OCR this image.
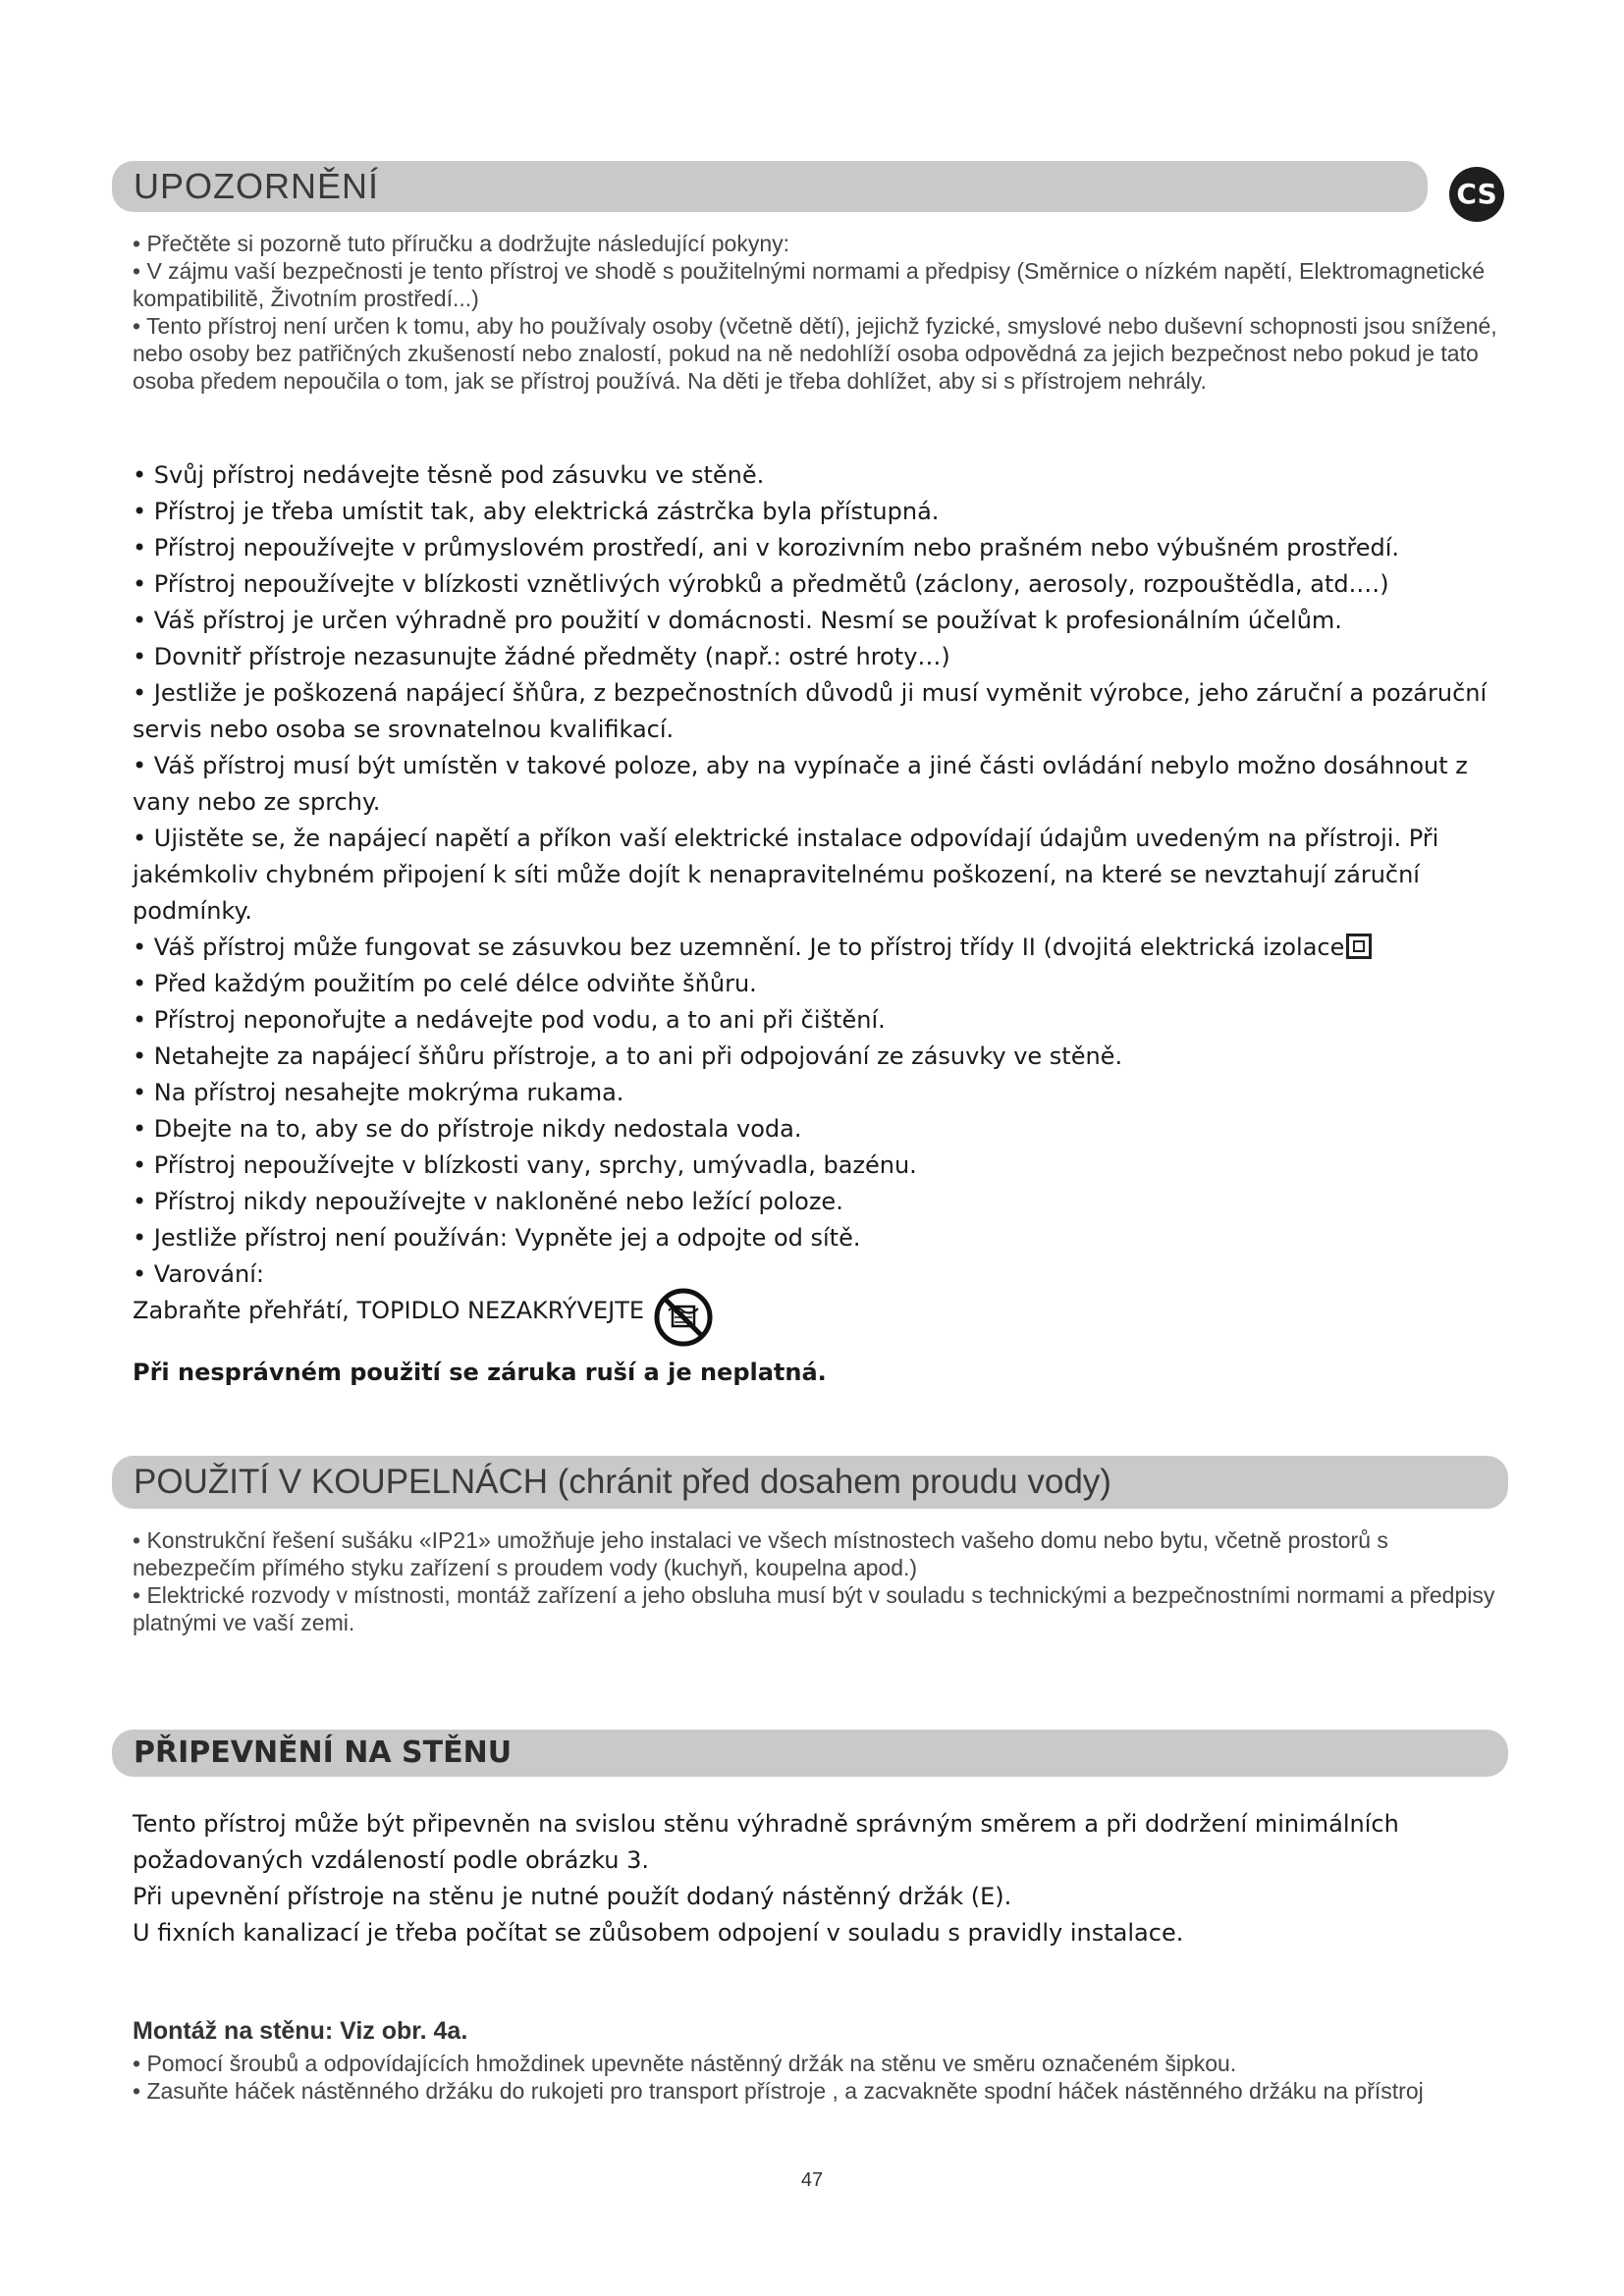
UPOZORNĚNÍ	CS

• Přečtěte si pozorně tuto příručku a dodržujte následující pokyny:

• V zájmu vaší bezpečnosti je tento přístroj ve shodě s použitelnými normami a předpisy (Směrnice o nízkém napětí, Elektromagnetické kompatibilitě, Životním prostředí...)

• Tento přístroj není určen k tomu, aby ho používaly osoby (včetně dětí), jejichž fyzické, smyslové nebo duševní schopnosti jsou snížené, nebo osoby bez patřičných zkušeností nebo znalostí, pokud na ně nedohlíží osoba odpovědná za jejich bezpečnost nebo pokud je tato osoba předem nepoučila o tom, jak se přístroj používá. Na děti je třeba dohlížet, aby si s přístrojem nehrály.

• Svůj přístroj nedávejte těsně pod zásuvku ve stěně.

• Přístroj je třeba umístit tak, aby elektrická zástrčka byla přístupná.

• Přístroj nepoužívejte v průmyslovém prostředí, ani v korozivním nebo prašném nebo výbušném prostředí.

• Přístroj nepoužívejte v blízkosti vznětlivých výrobků a předmětů (záclony, aerosoly, rozpouštědla, atd.…)

• Váš přístroj je určen výhradně pro použití v domácnosti. Nesmí se používat k profesionálním účelům.

• Dovnitř přístroje nezasunujte žádné předměty (např.: ostré hroty…)

• Jestliže je poškozená napájecí šňůra, z bezpečnostních důvodů ji musí vyměnit výrobce, jeho záruční a pozáruční servis nebo osoba se srovnatelnou kvalifikací.

• Váš přístroj musí být umístěn v takové poloze, aby na vypínače a jiné části ovládání nebylo možno dosáhnout z vany nebo ze sprchy.

• Ujistěte se, že napájecí napětí a příkon vaší elektrické instalace odpovídají údajům uvedeným na přístroji. Při jakémkoliv chybném připojení k síti může dojít k nenapravitelnému poškození, na které se nevztahují záruční podmínky.

• Váš přístroj může fungovat se zásuvkou bez uzemnění. Je to přístroj třídy II (dvojitá elektrická izolace

• Před každým použitím po celé délce odviňte šňůru.

• Přístroj neponořujte a nedávejte pod vodu, a to ani při čištění.

• Netahejte za napájecí šňůru přístroje, a to ani při odpojování ze zásuvky ve stěně.

• Na přístroj nesahejte mokrýma rukama.

• Dbejte na to, aby se do přístroje nikdy nedostala voda.

• Přístroj nepoužívejte v blízkosti vany, sprchy, umývadla, bazénu.

• Přístroj nikdy nepoužívejte v nakloněné nebo ležící poloze.

• Jestliže přístroj není používán: Vypněte jej a odpojte od sítě.

• Varování:

Zabraňte přehřátí, TOPIDLO NEZAKRÝVEJTE

Při nesprávném použití se záruka ruší a je neplatná.
POUŽITÍ V KOUPELNÁCH (chránit před dosahem proudu vody)

• Konstrukční řešení sušáku «IP21» umožňuje jeho instalaci ve všech místnostech vašeho domu nebo bytu, včetně prostorů s nebezpečím přímého styku zařízení s proudem vody (kuchyň, koupelna apod.)

• Elektrické rozvody v místnosti, montáž zařízení a jeho obsluha musí být v souladu s technickými a bezpečnostními normami a předpisy platnými ve vaší zemi.

PŘIPEVNĚNÍ NA STĚNU

Tento přístroj může být připevněn na svislou stěnu výhradně správným směrem a při dodržení minimálních požadovaných vzdáleností podle obrázku 3.

Při upevnění přístroje na stěnu je nutné použít dodaný nástěnný držák (E).

U fixních kanalizací je třeba počítat se zůůsobem odpojení v souladu s pravidly instalace.

Montáž na stěnu: Viz obr. 4a.

• Pomocí šroubů a odpovídajících hmoždinek upevněte nástěnný držák na stěnu ve směru označeném šipkou.

• Zasuňte háček nástěnného držáku do rukojeti pro transport přístroje , a zacvakněte spodní háček nástěnného držáku na přístroj

47
